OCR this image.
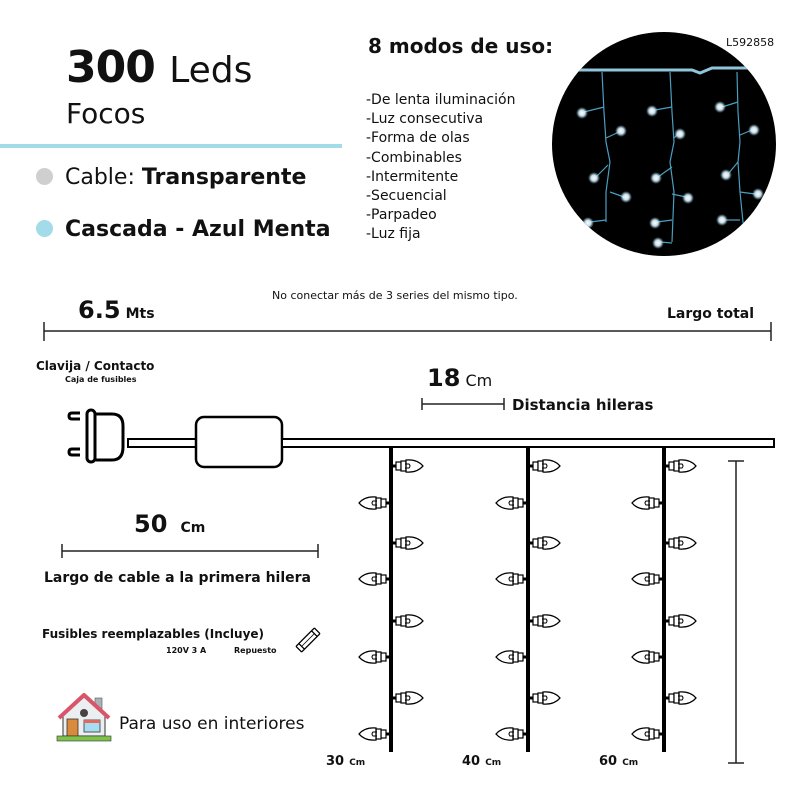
300 Leds
Focos
Cable: Transparente
Cascada - Azul Menta
8 modos de uso:
-De lenta iluminación
-Luz consecutiva
-Forma de olas
-Combinables
-Intermitente
-Secuencial
-Parpadeo
-Luz fija
L592858
No conectar más de 3 series del mismo tipo.
6.5 Mts	Largo total
Clavija / Contacto
Caja de fusibles	18 Cm
Distancia hileras
50 Cm
Largo de cable a la primera hilera
Fusibles reemplazables (Incluye)
120V 3 A	Repuesto
Para uso en interiores
30 Cm	40 Cm	60 Cm
